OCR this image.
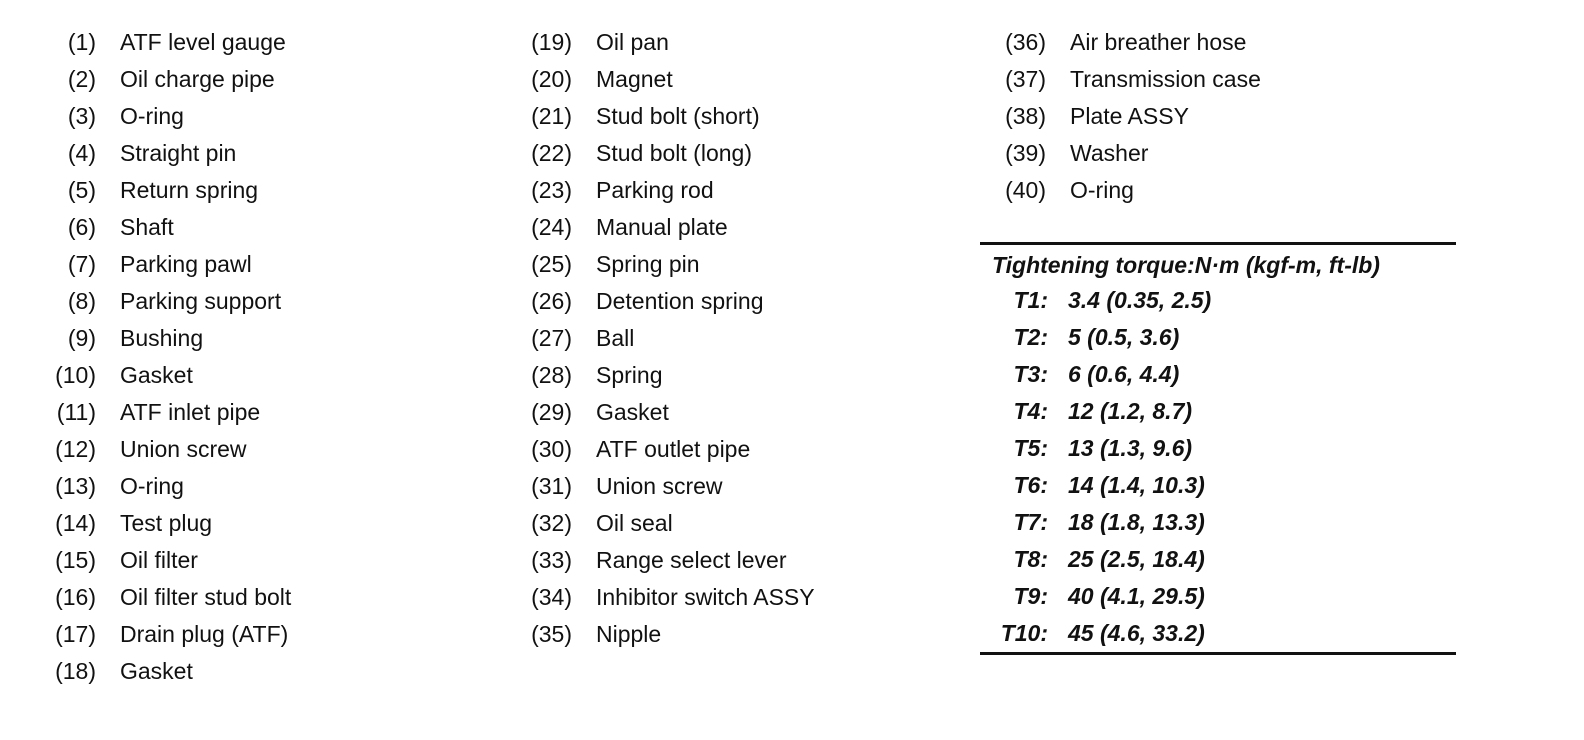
(1) ATF level gauge
(2) Oil charge pipe
(3) O-ring
(4) Straight pin
(5) Return spring
(6) Shaft
(7) Parking pawl
(8) Parking support
(9) Bushing
(10) Gasket
(11) ATF inlet pipe
(12) Union screw
(13) O-ring
(14) Test plug
(15) Oil filter
(16) Oil filter stud bolt
(17) Drain plug (ATF)
(18) Gasket
(19) Oil pan
(20) Magnet
(21) Stud bolt (short)
(22) Stud bolt (long)
(23) Parking rod
(24) Manual plate
(25) Spring pin
(26) Detention spring
(27) Ball
(28) Spring
(29) Gasket
(30) ATF outlet pipe
(31) Union screw
(32) Oil seal
(33) Range select lever
(34) Inhibitor switch ASSY
(35) Nipple
(36) Air breather hose
(37) Transmission case
(38) Plate ASSY
(39) Washer
(40) O-ring
Tightening torque:N·m (kgf-m, ft-lb)
T1: 3.4 (0.35, 2.5)
T2: 5 (0.5, 3.6)
T3: 6 (0.6, 4.4)
T4: 12 (1.2, 8.7)
T5: 13 (1.3, 9.6)
T6: 14 (1.4, 10.3)
T7: 18 (1.8, 13.3)
T8: 25 (2.5, 18.4)
T9: 40 (4.1, 29.5)
T10: 45 (4.6, 33.2)
